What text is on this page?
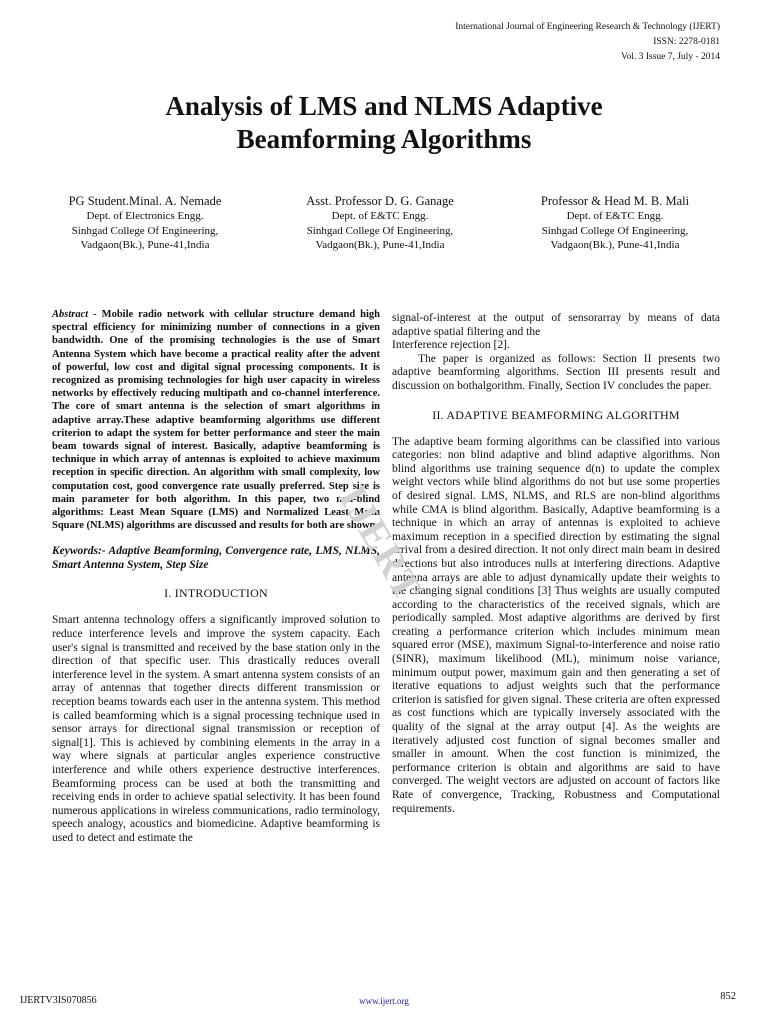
International Journal of Engineering Research & Technology (IJERT)
ISSN: 2278-0181
Vol. 3 Issue 7, July - 2014
Analysis of LMS and NLMS Adaptive
Beamforming Algorithms
PG Student.Minal. A. Nemade
Dept. of Electronics Engg.
Sinhgad College Of Engineering,
Vadgaon(Bk.), Pune-41,India
Asst. Professor D. G. Ganage
Dept. of E&TC Engg.
Sinhgad College Of Engineering,
Vadgaon(Bk.), Pune-41,India
Professor & Head M. B. Mali
Dept. of E&TC Engg.
Sinhgad College Of Engineering,
Vadgaon(Bk.), Pune-41,India

Abstract - Mobile radio network with cellular structure demand high spectral efficiency for minimizing number of connections in a given bandwidth. One of the promising technologies is the use of Smart Antenna System which have become a practical reality after the advent of powerful, low cost and digital signal processing components. It is recognized as promising technologies for high user capacity in wireless networks by effectively reducing multipath and co-channel interference. The core of smart antenna is the selection of smart algorithms in adaptive array.These adaptive beamforming algorithms use different criterion to adapt the system for better performance and steer the main beam towards signal of interest. Basically, adaptive beamforming is technique in which array of antennas is exploited to achieve maximum reception in specific direction. An algorithm with small complexity, low computation cost, good convergence rate usually preferred. Step size is main parameter for both algorithm. In this paper, two non-blind algorithms: Least Mean Square (LMS) and Normalized Least Mean Square (NLMS) algorithms are discussed and results for both are shown.

Keywords:- Adaptive Beamforming, Convergence rate, LMS, NLMS, Smart Antenna System, Step Size

I. INTRODUCTION

Smart antenna technology offers a significantly improved solution to reduce interference levels and improve the system capacity. Each user's signal is transmitted and received by the base station only in the direction of that specific user. This drastically reduces overall interference level in the system. A smart antenna system consists of an array of antennas that together directs different transmission or reception beams towards each user in the antenna system. This method is called beamforming which is a signal processing technique used in sensor arrays for directional signal transmission or reception of signal[1]. This is achieved by combining elements in the array in a way where signals at particular angles experience constructive interference and while others experience destructive interferences. Beamforming process can be used at both the transmitting and receiving ends in order to achieve spatial selectivity. It has been found numerous applications in wireless communications, radio terminology, speech analogy, acoustics and biomedicine. Adaptive beamforming is used to detect and estimate the

signal-of-interest at the output of sensorarray by means of data adaptive spatial filtering and the

Interference rejection [2].

The paper is organized as follows: Section II presents two adaptive beamforming algorithms. Section III presents result and discussion on bothalgorithm. Finally, Section IV concludes the paper.

II. ADAPTIVE BEAMFORMING ALGORITHM

The adaptive beam forming algorithms can be classified into various categories: non blind adaptive and blind adaptive algorithms. Non blind algorithms use training sequence d(n) to update the complex weight vectors while blind algorithms do not but use some properties of desired signal. LMS, NLMS, and RLS are non-blind algorithms while CMA is blind algorithm. Basically, Adaptive beamforming is a technique in which an array of antennas is exploited to achieve maximum reception in a specified direction by estimating the signal arrival from a desired direction. It not only direct main beam in desired directions but also introduces nulls at interfering directions. Adaptive antenna arrays are able to adjust dynamically update their weights to the changing signal conditions [3] Thus weights are usually computed according to the characteristics of the received signals, which are periodically sampled. Most adaptive algorithms are derived by first creating a performance criterion which includes minimum mean squared error (MSE), maximum Signal-to-interference and noise ratio (SINR), maximum likelihood (ML), minimum noise variance, minimum output power, maximum gain and then generating a set of iterative equations to adjust weights such that the performance criterion is satisfied for given signal. These criteria are often expressed as cost functions which are typically inversely associated with the quality of the signal at the array output [4]. As the weights are iteratively adjusted cost function of signal becomes smaller and smaller in amount. When the cost function is minimized, the performance criterion is obtain and algorithms are said to have converged. The weight vectors are adjusted on account of factors like Rate of convergence, Tracking, Robustness and Computational requirements.

IJERT
IJERTV3IS070856	www.ijert.org	852
